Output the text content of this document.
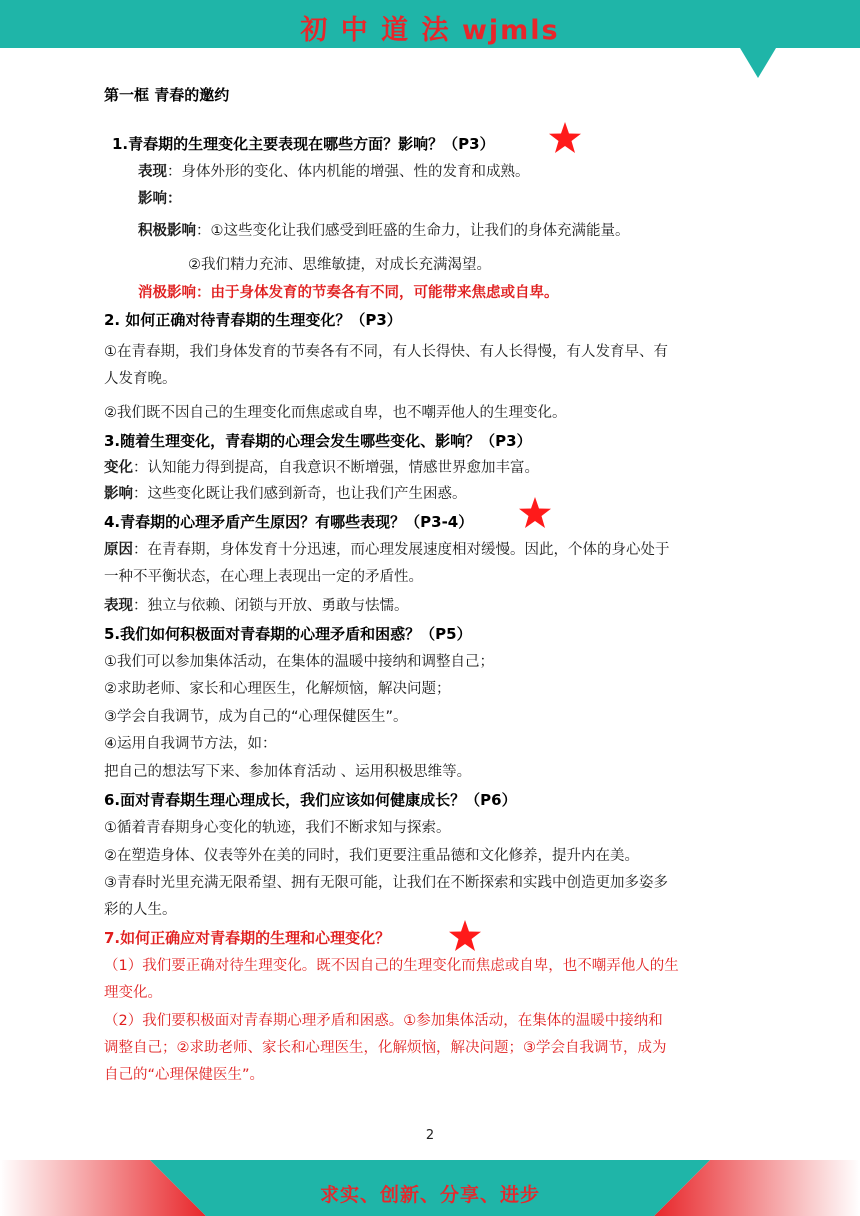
初 中 道 法 wjmls
第一框 青春的邀约
1.青春期的生理变化主要表现在哪些方面？影响？（P3）
表现：身体外形的变化、体内机能的增强、性的发育和成熟。
影响：
积极影响：①这些变化让我们感受到旺盛的生命力，让我们的身体充满能量。
②我们精力充沛、思维敏捷，对成长充满渴望。
消极影响：由于身体发育的节奏各有不同，可能带来焦虑或自卑。
2. 如何正确对待青春期的生理变化？（P3）
①在青春期，我们身体发育的节奏各有不同，有人长得快、有人长得慢，有人发育早、有
人发育晚。
②我们既不因自己的生理变化而焦虑或自卑，也不嘲弄他人的生理变化。
3.随着生理变化，青春期的心理会发生哪些变化、影响？（P3）
变化：认知能力得到提高，自我意识不断增强，情感世界愈加丰富。
影响：这些变化既让我们感到新奇，也让我们产生困惑。
4.青春期的心理矛盾产生原因？有哪些表现？（P3-4）
原因：在青春期，身体发育十分迅速，而心理发展速度相对缓慢。因此，个体的身心处于
一种不平衡状态，在心理上表现出一定的矛盾性。
表现：独立与依赖、闭锁与开放、勇敢与怯懦。
5.我们如何积极面对青春期的心理矛盾和困惑？（P5）
①我们可以参加集体活动，在集体的温暖中接纳和调整自己；
②求助老师、家长和心理医生，化解烦恼，解决问题；
③学会自我调节，成为自己的“心理保健医生”。
④运用自我调节方法，如：
把自己的想法写下来、参加体育活动 、运用积极思维等。
6.面对青春期生理心理成长，我们应该如何健康成长？（P6）
①循着青春期身心变化的轨迹，我们不断求知与探索。
②在塑造身体、仪表等外在美的同时，我们更要注重品德和文化修养，提升内在美。
③青春时光里充满无限希望、拥有无限可能，让我们在不断探索和实践中创造更加多姿多
彩的人生。
7.如何正确应对青春期的生理和心理变化？
（1）我们要正确对待生理变化。既不因自己的生理变化而焦虑或自卑，也不嘲弄他人的生
理变化。
（2）我们要积极面对青春期心理矛盾和困惑。①参加集体活动，在集体的温暖中接纳和
调整自己；②求助老师、家长和心理医生，化解烦恼，解决问题；③学会自我调节，成为
自己的“心理保健医生”。
2
求实、创新、分享、进步
